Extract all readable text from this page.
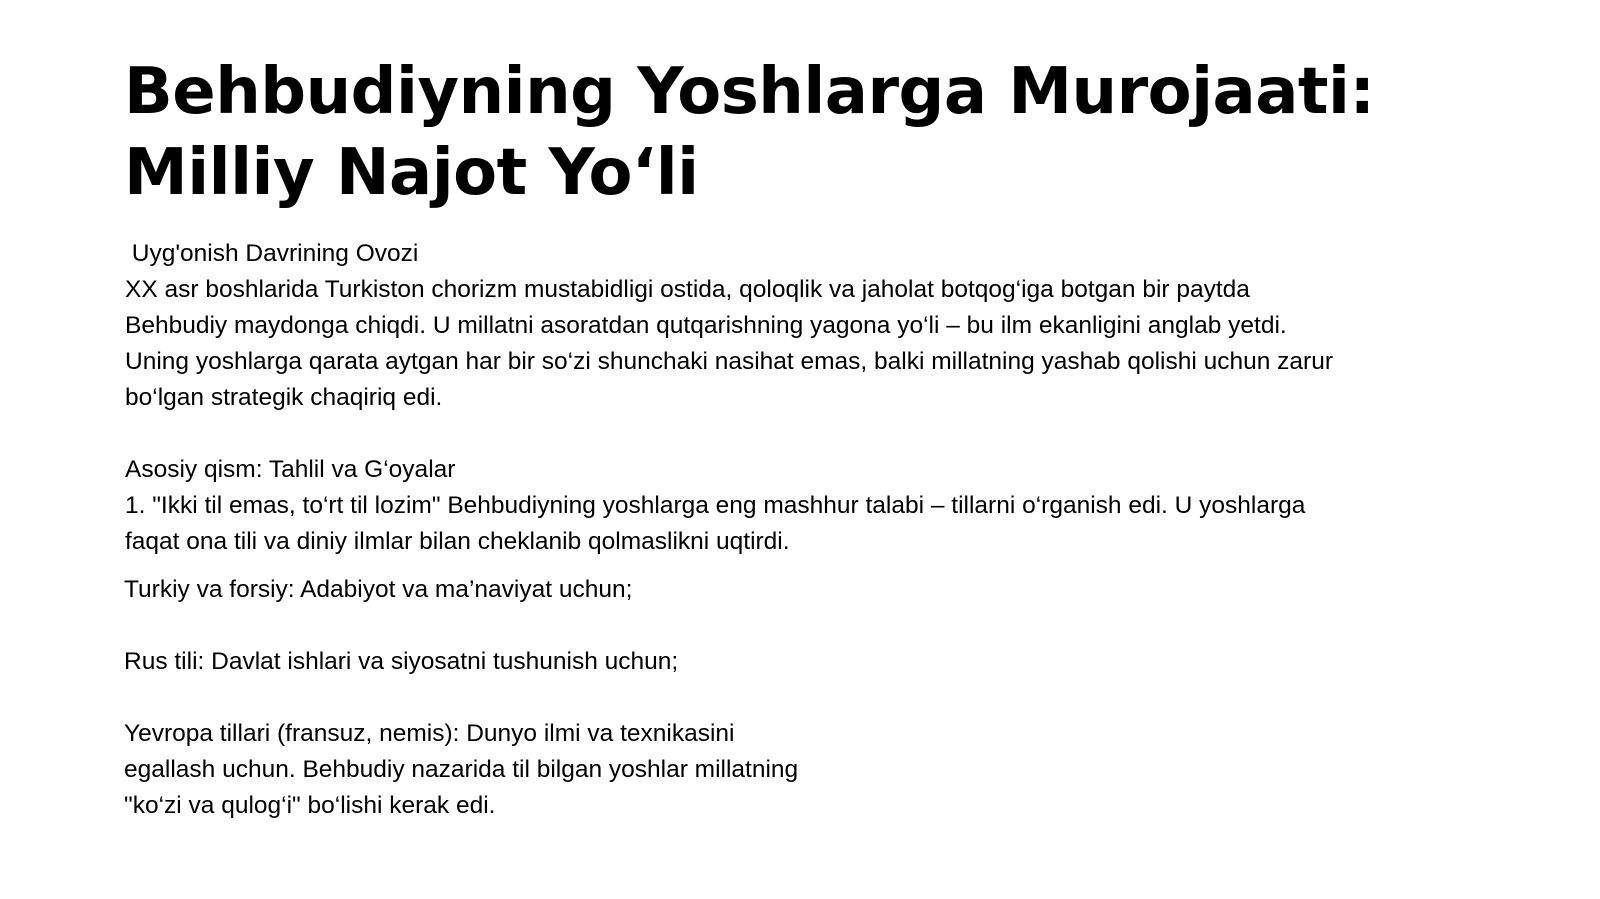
Behbudiyning Yoshlarga Murojaati:
Milliy Najot Yo‘li

Uyg'onish Davrining Ovozi
XX asr boshlarida Turkiston chorizm mustabidligi ostida, qoloqlik va jaholat botqog‘iga botgan bir paytda
Behbudiy maydonga chiqdi. U millatni asoratdan qutqarishning yagona yo‘li – bu ilm ekanligini anglab yetdi.
Uning yoshlarga qarata aytgan har bir so‘zi shunchaki nasihat emas, balki millatning yashab qolishi uchun zarur
bo‘lgan strategik chaqiriq edi.

Asosiy qism: Tahlil va G‘oyalar
1. "Ikki til emas, to‘rt til lozim" Behbudiyning yoshlarga eng mashhur talabi – tillarni o‘rganish edi. U yoshlarga
faqat ona tili va diniy ilmlar bilan cheklanib qolmaslikni uqtirdi.

Turkiy va forsiy: Adabiyot va ma’naviyat uchun;
Rus tili: Davlat ishlari va siyosatni tushunish uchun;
Yevropa tillari (fransuz, nemis): Dunyo ilmi va texnikasini
egallash uchun. Behbudiy nazarida til bilgan yoshlar millatning
"ko‘zi va qulog‘i" bo‘lishi kerak edi.
